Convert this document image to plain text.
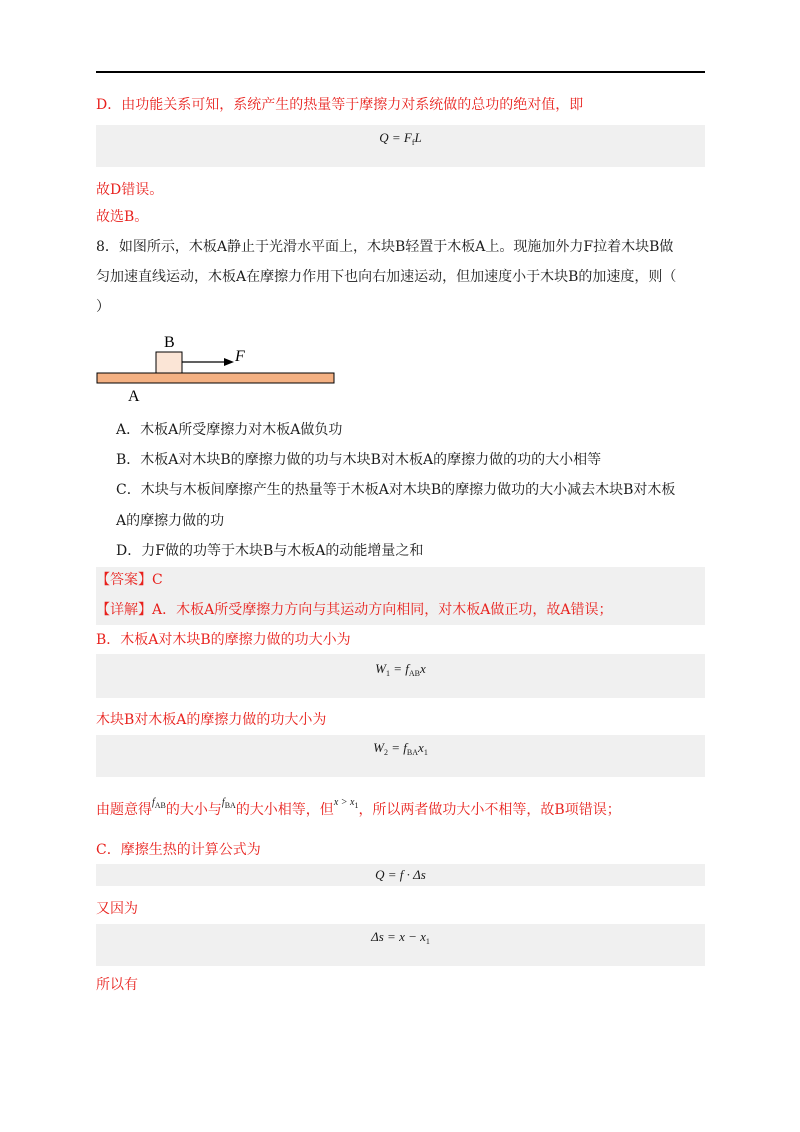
D．由功能关系可知，系统产生的热量等于摩擦力对系统做的总功的绝对值，即
$Q = F_fL$
故D错误。
故选B。
8．如图所示，木板A静止于光滑水平面上，木块B轻置于木板A上。现施加外力F拉着木块B做
匀加速直线运动，木板A在摩擦力作用下也向右加速运动，但加速度小于木块B的加速度，则（
）
B
F
A
A．木板A所受摩擦力对木板A做负功
B．木板A对木块B的摩擦力做的功与木块B对木板A的摩擦力做的功的大小相等
C．木块与木板间摩擦产生的热量等于木板A对木块B的摩擦力做功的大小减去木块B对木板
A的摩擦力做的功
D．力F做的功等于木块B与木板A的动能增量之和
【答案】C
【详解】A．木板A所受摩擦力方向与其运动方向相同，对木板A做正功，故A错误；
B．木板A对木块B的摩擦力做的功大小为
$W_1 = f_{AB}x$
木块B对木板A的摩擦力做的功大小为
$W_2 = f_{BA}x_1$
由题意得$^{f_{AB}}$的大小与$^{f_{BA}}$的大小相等，但$^{x > x_1}$，所以两者做功大小不相等，故B项错误；
C．摩擦生热的计算公式为
Q = f · Δs
又因为
$\Delta s = x - x_1$
所以有
